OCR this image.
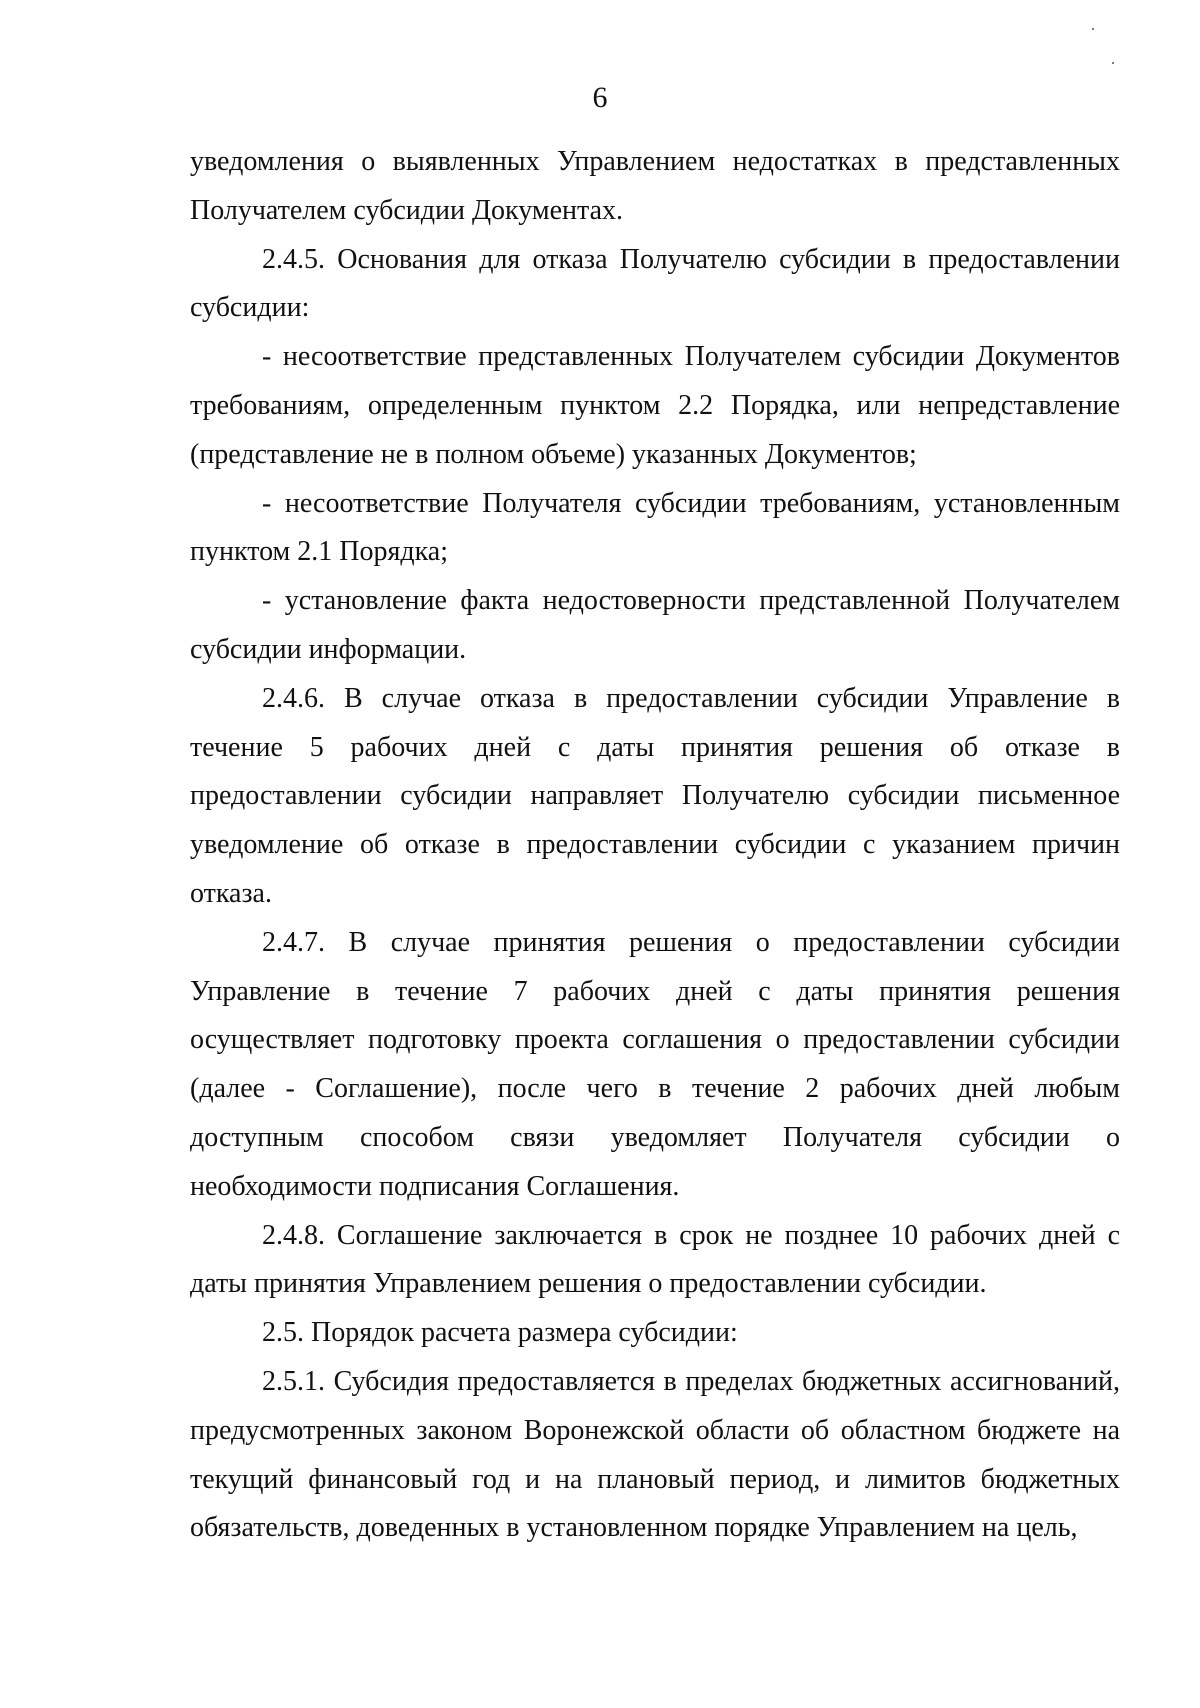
6

уведомления о выявленных Управлением недостатках в представленных Получателем субсидии Документах.

2.4.5. Основания для отказа Получателю субсидии в предоставлении субсидии:

- несоответствие представленных Получателем субсидии Документов требованиям, определенным пунктом 2.2 Порядка, или непредставление (представление не в полном объеме) указанных Документов;

- несоответствие Получателя субсидии требованиям, установленным пунктом 2.1 Порядка;

- установление факта недостоверности представленной Получателем субсидии информации.

2.4.6. В случае отказа в предоставлении субсидии Управление в течение 5 рабочих дней с даты принятия решения об отказе в предоставлении субсидии направляет Получателю субсидии письменное уведомление об отказе в предоставлении субсидии с указанием причин отказа.

2.4.7. В случае принятия решения о предоставлении субсидии Управление в течение 7 рабочих дней с даты принятия решения осуществляет подготовку проекта соглашения о предоставлении субсидии (далее - Соглашение), после чего в течение 2 рабочих дней любым доступным способом связи уведомляет Получателя субсидии о необходимости подписания Соглашения.

2.4.8. Соглашение заключается в срок не позднее 10 рабочих дней с даты принятия Управлением решения о предоставлении субсидии.

2.5. Порядок расчета размера субсидии:

2.5.1. Субсидия предоставляется в пределах бюджетных ассигнований, предусмотренных законом Воронежской области об областном бюджете на текущий финансовый год и на плановый период, и лимитов бюджетных обязательств, доведенных в установленном порядке Управлением на цель,
